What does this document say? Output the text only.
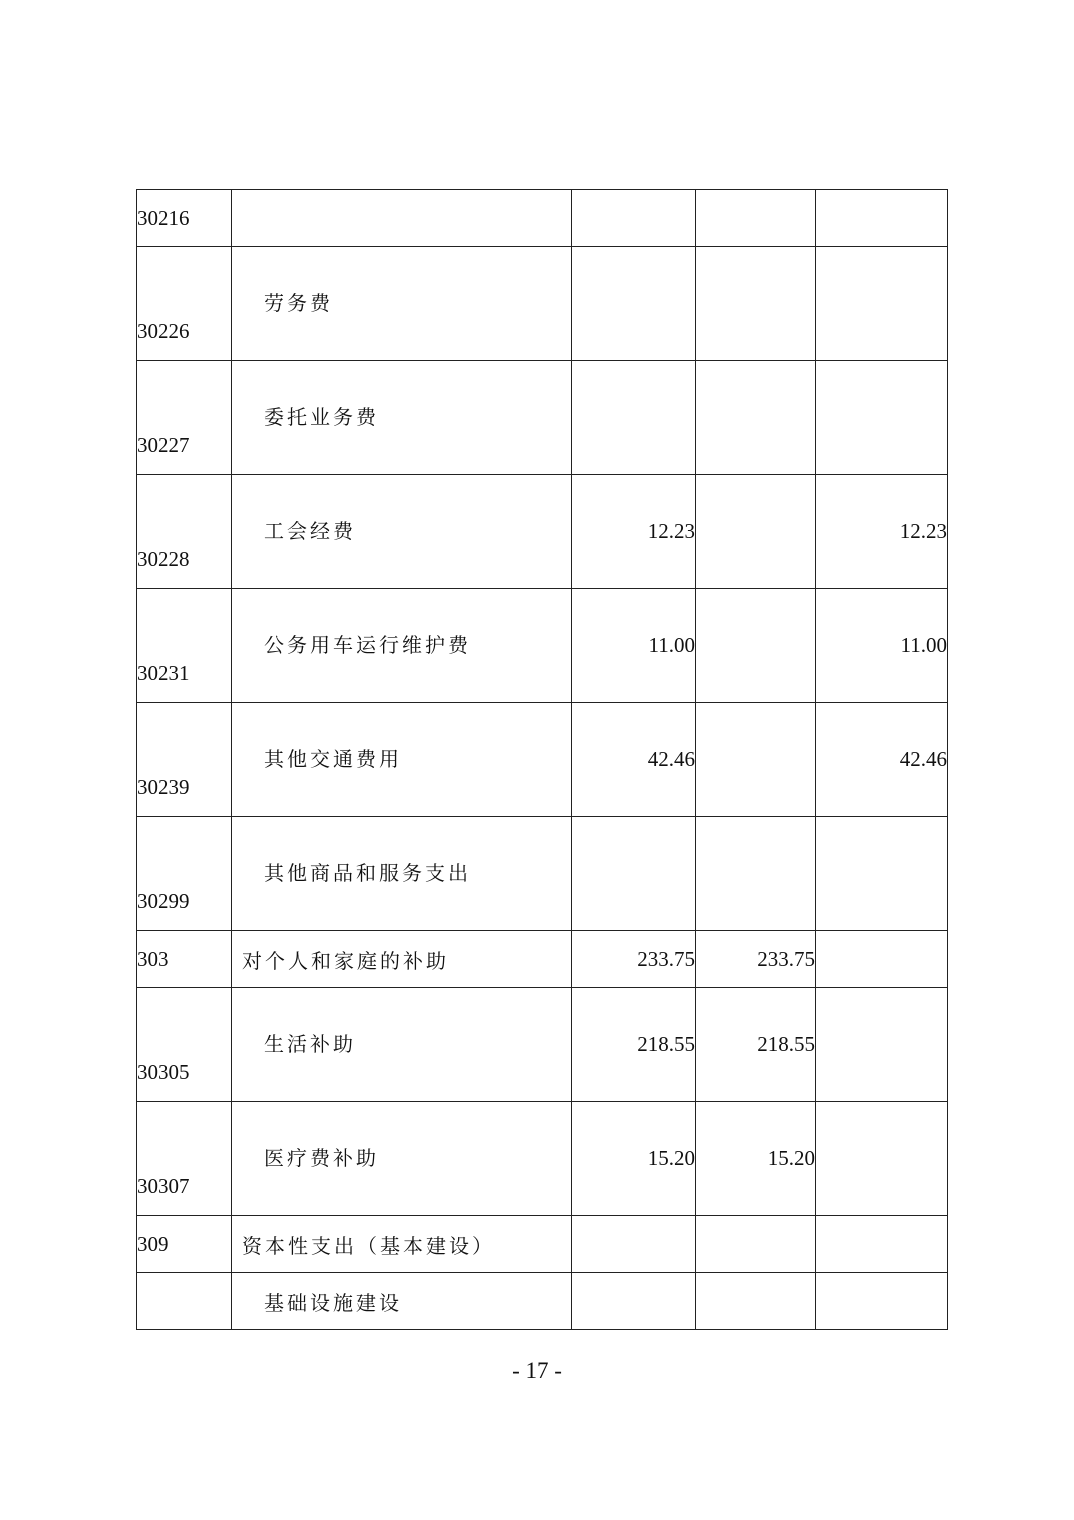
30216				
30226	劳务费			
30227	委托业务费			
30228	工会经费	12.23		12.23
30231	公务用车运行维护费	11.00		11.00
30239	其他交通费用	42.46		42.46
30299	其他商品和服务支出			
303	对个人和家庭的补助	233.75	233.75	
30305	生活补助	218.55	218.55	
30307	医疗费补助	15.20	15.20	
309	资本性支出（基本建设）			
	基础设施建设			
- 17 -
